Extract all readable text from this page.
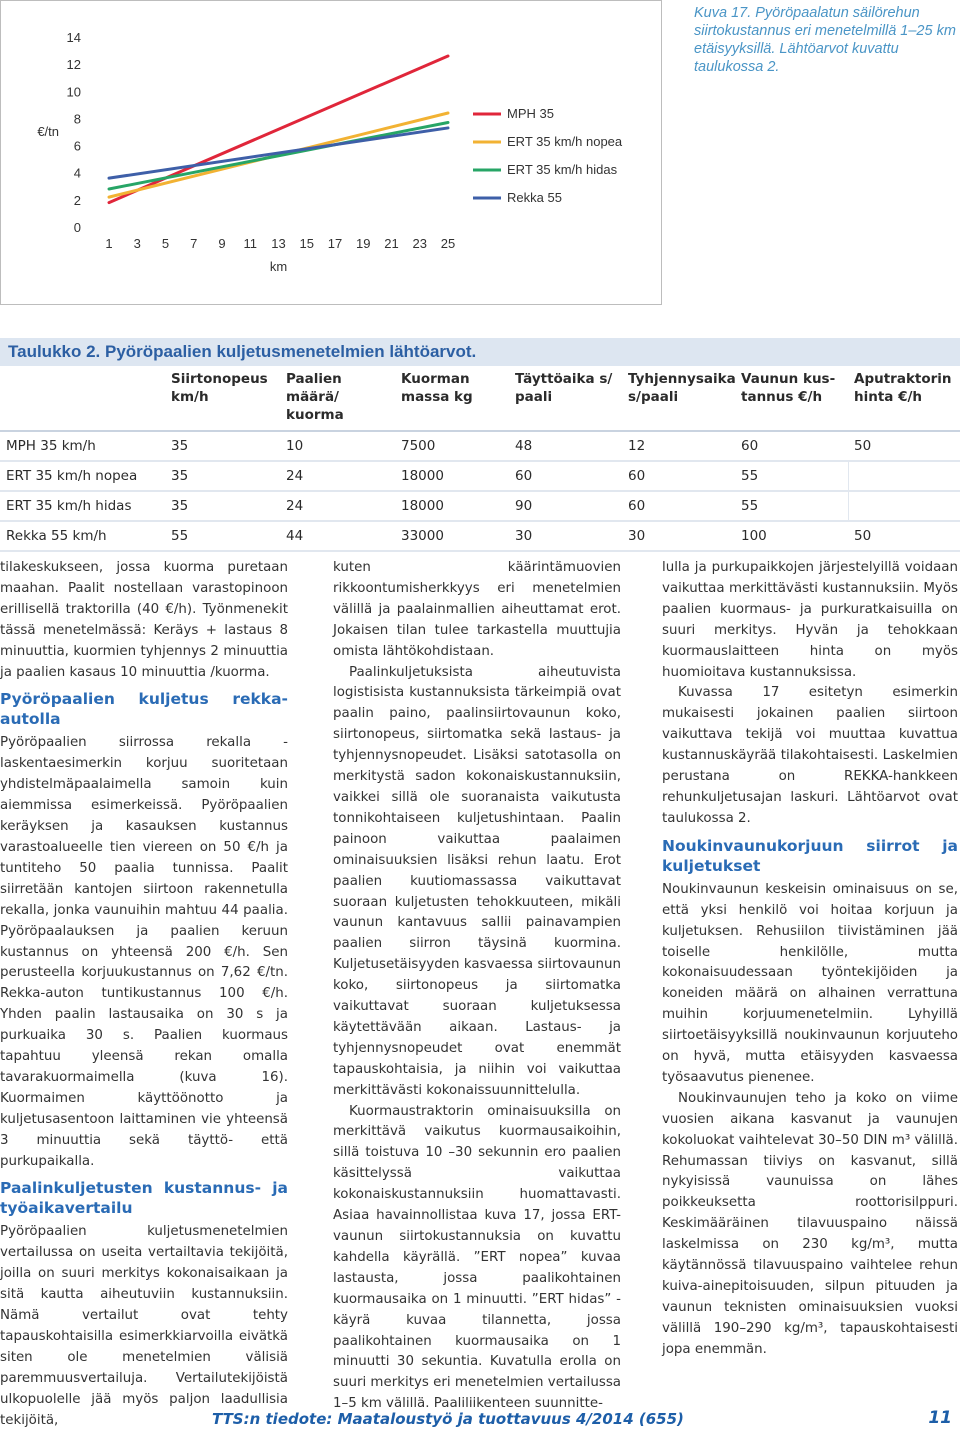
0
2
4
6
8
10
12
14
1 3 5 7 9 11 13 15 17 19 21 23 25
€/tn
km
MPH 35
ERT 35 km/h nopea
ERT 35 km/h hidas
Rekka 55
Kuva 17. Pyöröpaalatun säilörehun siirtokustannus eri menetelmillä 1–25 km etäisyyksillä. Lähtöarvot kuvattu taulukossa 2.
Taulukko 2. Pyöröpaalien kuljetusmenetelmien lähtöarvot.
	Siirtonopeus km/h	Paalien määrä/ kuorma	Kuorman massa kg	Täyttöaika s/ paali	Tyhjennysaika s/paali	Vaunun kus-tannus €/h	Aputraktorin hinta €/h
MPH 35 km/h	35	10	7500	48	12	60	50
ERT 35 km/h nopea	35	24	18000	60	60	55	
ERT 35 km/h hidas	35	24	18000	90	60	55	
Rekka 55 km/h	55	44	33000	30	30	100	50

tilakeskukseen, jossa kuorma puretaan maahan. Paalit nostellaan varastopinoon erillisellä traktorilla (40 €/h). Työnmenekit tässä menetelmässä: Keräys + lastaus 8 minuuttia, kuormien tyhjennys 2 minuuttia ja paalien kasaus 10 minuuttia /kuorma.

Pyöröpaalien kuljetus rekka-autolla

Pyöröpaalien siirrossa rekalla -laskentaesimerkin korjuu suoritetaan yhdistelmäpaalaimella samoin kuin aiemmissa esimerkeissä. Pyöröpaalien keräyksen ja kasauksen kustannus varastoalueelle tien viereen on 50 €/h ja tuntiteho 50 paalia tunnissa. Paalit siirretään kantojen siirtoon rakennetulla rekalla, jonka vaunuihin mahtuu 44 paalia. Pyöröpaalauksen ja paalien keruun kustannus on yhteensä 200 €/h. Sen perusteella korjuukustannus on 7,62 €/tn. Rekka-auton tuntikustannus 100 €/h. Yhden paalin lastausaika on 30 s ja purkuaika 30 s. Paalien kuormaus tapahtuu yleensä rekan omalla tavarakuormaimella (kuva 16). Kuormaimen käyttöönotto ja kuljetusasentoon laittaminen vie yhteensä 3 minuuttia sekä täyttö- että purkupaikalla.

Paalinkuljetusten kustannus- ja työaikavertailu

Pyöröpaalien kuljetusmenetelmien vertailussa on useita vertailtavia tekijöitä, joilla on suuri merkitys kokonaisaikaan ja sitä kautta aiheutuviin kustannuksiin. Nämä vertailut ovat tehty tapauskohtaisilla esimerkkiarvoilla eivätkä siten ole menetelmien välisiä paremmuusvertailuja. Vertailutekijöistä ulkopuolelle jää myös paljon laadullisia tekijöitä,

kuten käärintämuovien rikkoontumisherkkyys eri menetelmien välillä ja paalainmallien aiheuttamat erot. Jokaisen tilan tulee tarkastella muuttujia omista lähtökohdistaan.

Paalinkuljetuksista aiheutuvista logistisista kustannuksista tärkeimpiä ovat paalin paino, paalinsiirtovaunun koko, siirtonopeus, siirtomatka sekä lastaus- ja tyhjennysnopeudet. Lisäksi satotasolla on merkitystä sadon kokonaiskustannuksiin, vaikkei sillä ole suoranaista vaikutusta tonnikohtaiseen kuljetushintaan. Paalin painoon vaikuttaa paalaimen ominaisuuksien lisäksi rehun laatu. Erot paalien kuutiomassassa vaikuttavat suoraan kuljetusten tehokkuuteen, mikäli vaunun kantavuus sallii painavampien paalien siirron täysinä kuormina. Kuljetusetäisyyden kasvaessa siirtovaunun koko, siirtonopeus ja siirtomatka vaikuttavat suoraan kuljetuksessa käytettävään aikaan. Lastaus- ja tyhjennysnopeudet ovat enemmät tapauskohtaisia, ja niihin voi vaikuttaa merkittävästi kokonaissuunnittelulla.

Kuormaustraktorin ominaisuuksilla on merkittävä vaikutus kuormausaikoihin, sillä toistuva 10 –30 sekunnin ero paalien käsittelyssä vaikuttaa kokonaiskustannuksiin huomattavasti. Asiaa havainnollistaa kuva 17, jossa ERT-vaunun siirtokustannuksia on kuvattu kahdella käyrällä. ”ERT nopea” kuvaa lastausta, jossa paalikohtainen kuormausaika on 1 minuutti. ”ERT hidas” -käyrä kuvaa tilannetta, jossa paalikohtainen kuormausaika on 1 minuutti 30 sekuntia. Kuvatulla erolla on suuri merkitys eri menetelmien vertailussa 1–5 km välillä. Paaliliikenteen suunnitte-

lulla ja purkupaikkojen järjestelyillä voidaan vaikuttaa merkittävästi kustannuksiin. Myös paalien kuormaus- ja purkuratkaisuilla on suuri merkitys. Hyvän ja tehokkaan kuormauslaitteen hinta on myös huomioitava kustannuksissa.

Kuvassa 17 esitetyn esimerkin mukaisesti jokainen paalien siirtoon vaikuttava tekijä voi muuttaa kuvattua kustannuskäyrää tilakohtaisesti. Laskelmien perustana on REKKA-hankkeen rehunkuljetusajan laskuri. Lähtöarvot ovat taulukossa 2.

Noukinvaunukorjuun siirrot ja kuljetukset

Noukinvaunun keskeisin ominaisuus on se, että yksi henkilö voi hoitaa korjuun ja kuljetuksen. Rehusiilon tiivistäminen jää toiselle henkilölle, mutta kokonaisuudessaan työntekijöiden ja koneiden määrä on alhainen verrattuna muihin korjuumenetelmiin. Lyhyillä siirtoetäisyyksillä noukinvaunun korjuuteho on hyvä, mutta etäisyyden kasvaessa työsaavutus pienenee.

Noukinvaunujen teho ja koko on viime vuosien aikana kasvanut ja vaunujen kokoluokat vaihtelevat 30–50 DIN m³ välillä. Rehumassan tiiviys on kasvanut, sillä nykyisissä vaunuissa on lähes poikkeuksetta roottorisilppuri. Keskimääräinen tilavuuspaino näissä laskelmissa on 230 kg/m³, mutta käytännössä tilavuuspaino vaihtelee rehun kuiva-ainepitoisuuden, silpun pituuden ja vaunun teknisten ominaisuuksien vuoksi välillä 190–290 kg/m³, tapauskohtaisesti jopa enemmän.

TTS:n tiedote: Maataloustyö ja tuottavuus 4/2014 (655)	11
